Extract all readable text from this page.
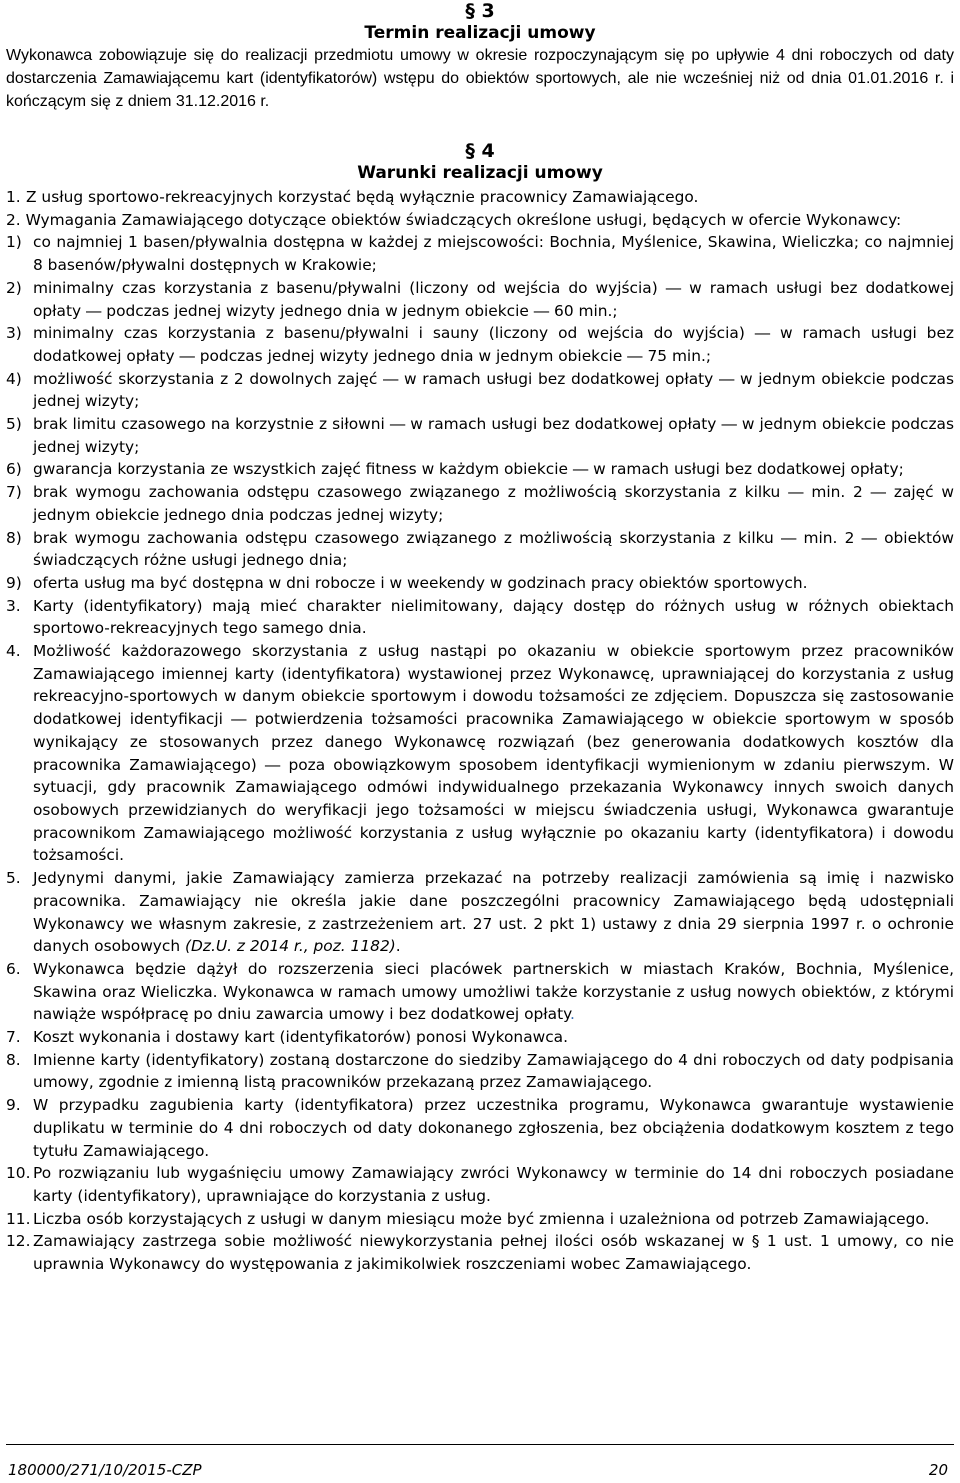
§ 3
Termin realizacji umowy

Wykonawca zobowiązuje się do realizacji przedmiotu umowy w okresie rozpoczynającym się po upływie 4 dni roboczych od daty dostarczenia Zamawiającemu kart (identyfikatorów) wstępu do obiektów sportowych, ale nie wcześniej niż od dnia 01.01.2016 r. i kończącym się z dniem 31.12.2016 r.

§ 4
Warunki realizacji umowy
1. Z usług sportowo-rekreacyjnych korzystać będą wyłącznie pracownicy Zamawiającego.
2. Wymagania Zamawiającego dotyczące obiektów świadczących określone usługi, będących w ofercie Wykonawcy:
1) co najmniej 1 basen/pływalnia dostępna w każdej z miejscowości: Bochnia, Myślenice, Skawina, Wieliczka; co najmniej 8 basenów/pływalni dostępnych w Krakowie;
2) minimalny czas korzystania z basenu/pływalni (liczony od wejścia do wyjścia) ― w ramach usługi bez dodatkowej opłaty ― podczas jednej wizyty jednego dnia w jednym obiekcie ― 60 min.;
3) minimalny czas korzystania z basenu/pływalni i sauny (liczony od wejścia do wyjścia) ― w ramach usługi bez dodatkowej opłaty ― podczas jednej wizyty jednego dnia w jednym obiekcie ― 75 min.;
4) możliwość skorzystania z 2 dowolnych zajęć ― w ramach usługi bez dodatkowej opłaty ― w jednym obiekcie podczas jednej wizyty;
5) brak limitu czasowego na korzystnie z siłowni ― w ramach usługi bez dodatkowej opłaty ― w jednym obiekcie podczas jednej wizyty;
6) gwarancja korzystania ze wszystkich zajęć fitness w każdym obiekcie ― w ramach usługi bez dodatkowej opłaty;
7) brak wymogu zachowania odstępu czasowego związanego z możliwością skorzystania z kilku ― min. 2 ― zajęć w jednym obiekcie jednego dnia podczas jednej wizyty;
8) brak wymogu zachowania odstępu czasowego związanego z możliwością skorzystania z kilku ― min. 2 ― obiektów świadczących różne usługi jednego dnia;
9) oferta usług ma być dostępna w dni robocze i w weekendy w godzinach pracy obiektów sportowych.
3. Karty (identyfikatory) mają mieć charakter nielimitowany, dający dostęp do różnych usług w różnych obiektach sportowo-rekreacyjnych tego samego dnia.
4. Możliwość każdorazowego skorzystania z usług nastąpi po okazaniu w obiekcie sportowym przez pracowników Zamawiającego imiennej karty (identyfikatora) wystawionej przez Wykonawcę, uprawniającej do korzystania z usług rekreacyjno-sportowych w danym obiekcie sportowym i dowodu tożsamości ze zdjęciem. Dopuszcza się zastosowanie dodatkowej identyfikacji ― potwierdzenia tożsamości pracownika Zamawiającego w obiekcie sportowym w sposób wynikający ze stosowanych przez danego Wykonawcę rozwiązań (bez generowania dodatkowych kosztów dla pracownika Zamawiającego) ― poza obowiązkowym sposobem identyfikacji wymienionym w zdaniu pierwszym. W sytuacji, gdy pracownik Zamawiającego odmówi indywidualnego przekazania Wykonawcy innych swoich danych osobowych przewidzianych do weryfikacji jego tożsamości w miejscu świadczenia usługi, Wykonawca gwarantuje pracownikom Zamawiającego możliwość korzystania z usług wyłącznie po okazaniu karty (identyfikatora) i dowodu tożsamości.
5. Jedynymi danymi, jakie Zamawiający zamierza przekazać na potrzeby realizacji zamówienia są imię i nazwisko pracownika. Zamawiający nie określa jakie dane poszczególni pracownicy Zamawiającego będą udostępniali Wykonawcy we własnym zakresie, z zastrzeżeniem art. 27 ust. 2 pkt 1) ustawy z dnia 29 sierpnia 1997 r. o ochronie danych osobowych (Dz.U. z 2014 r., poz. 1182).
6. Wykonawca będzie dążył do rozszerzenia sieci placówek partnerskich w miastach Kraków, Bochnia, Myślenice, Skawina oraz Wieliczka. Wykonawca w ramach umowy umożliwi także korzystanie z usług nowych obiektów, z którymi nawiąże współpracę po dniu zawarcia umowy i bez dodatkowej opłaty.
7. Koszt wykonania i dostawy kart (identyfikatorów) ponosi Wykonawca.
8. Imienne karty (identyfikatory) zostaną dostarczone do siedziby Zamawiającego do 4 dni roboczych od daty podpisania umowy, zgodnie z imienną listą pracowników przekazaną przez Zamawiającego.
9. W przypadku zagubienia karty (identyfikatora) przez uczestnika programu, Wykonawca gwarantuje wystawienie duplikatu w terminie do 4 dni roboczych od daty dokonanego zgłoszenia, bez obciążenia dodatkowym kosztem z tego tytułu Zamawiającego.
10. Po rozwiązaniu lub wygaśnięciu umowy Zamawiający zwróci Wykonawcy w terminie do 14 dni roboczych posiadane karty (identyfikatory), uprawniające do korzystania z usług.
11. Liczba osób korzystających z usługi w danym miesiącu może być zmienna i uzależniona od potrzeb Zamawiającego.
12. Zamawiający zastrzega sobie możliwość niewykorzystania pełnej ilości osób wskazanej w § 1 ust. 1 umowy, co nie uprawnia Wykonawcy do występowania z jakimikolwiek roszczeniami wobec Zamawiającego.
180000/271/10/2015-CZP	20
